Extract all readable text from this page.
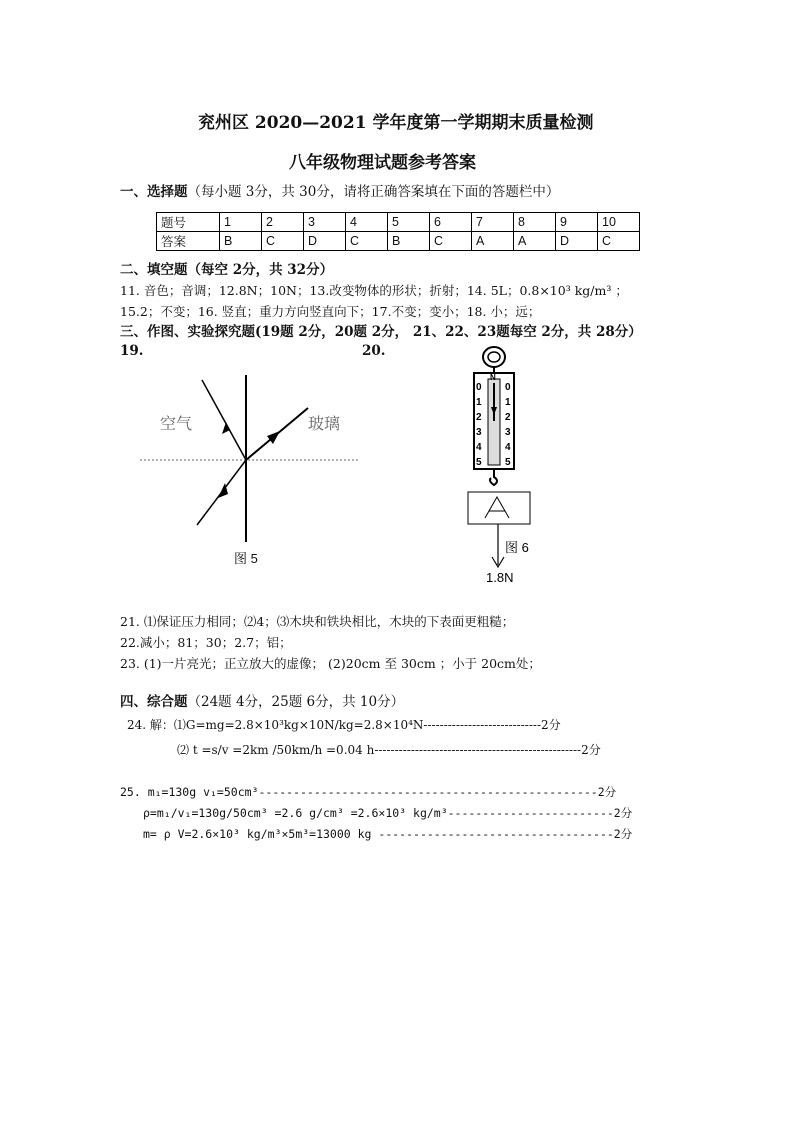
兖州区 2020—2021 学年度第一学期期末质量检测
八年级物理试题参考答案
一、选择题（每小题 3分，共 30分，请将正确答案填在下面的答题栏中）
题号	1	2	3	4	5	6	7	8	9	10
答案	B	C	D	C	B	C	A	A	D	C
二、填空题（每空 2分，共 32分）
11. 音色；音调；12.8N；10N；13.改变物体的形状；折射；14. 5L；0.8×10³ kg/m³ ；
15.2；不变；16. 竖直；重力方向竖直向下；17.不变；变小；18. 小；远；
三、作图、实验探究题(19题 2分，20题 2分， 21、22、23题每空 2分，共 28分）
19.	20.
空气	玻璃
图 5
N
0
1
2
3
4
5
0
1
2
3
4
5
图 6
1.8N
21. ⑴保证压力相同；⑵4；⑶木块和铁块相比，木块的下表面更粗糙；
22.减小；81；30；2.7；铝；
23. (1)一片亮光；正立放大的虚像； (2)20cm 至 30cm ；小于 20cm处；
四、综合题（24题 4分，25题 6分，共 10分）
24. 解：⑴G=mg=2.8×10³kg×10N/kg=2.8×10⁴N-----------------------------2分
⑵ t =s/v =2km /50km/h =0.04 h---------------------------------------------------2分
25. m₁=130g v₁=50cm³-------------------------------------------------2分
ρ=m₁/v₁=130g/50cm³ =2.6 g/cm³ =2.6×10³ kg/m³------------------------2分
m= ρ V=2.6×10³ kg/m³×5m³=13000 kg ----------------------------------2分
